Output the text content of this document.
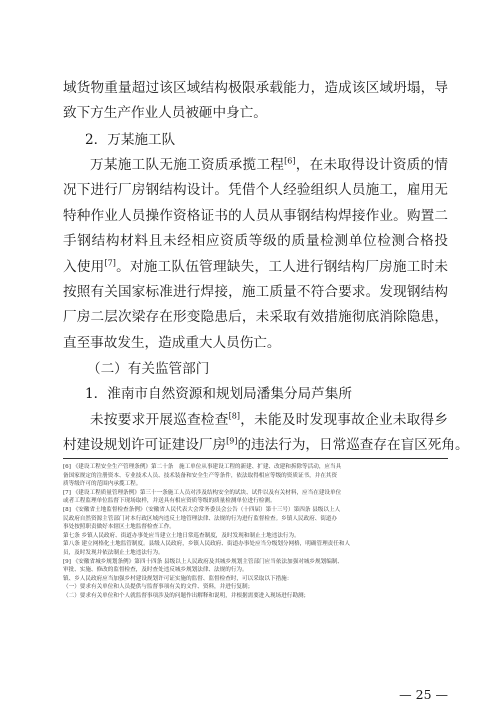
域货物重量超过该区域结构极限承载能力，造成该区域坍塌，导
致下方生产作业人员被砸中身亡。
2．万某施工队
万某施工队无施工资质承揽工程[6]，在未取得设计资质的情
况下进行厂房钢结构设计。凭借个人经验组织人员施工，雇用无
特种作业人员操作资格证书的人员从事钢结构焊接作业。购置二
手钢结构材料且未经相应资质等级的质量检测单位检测合格投
入使用[7]。对施工队伍管理缺失，工人进行钢结构厂房施工时未
按照有关国家标准进行焊接，施工质量不符合要求。发现钢结构
厂房二层次梁存在形变隐患后，未采取有效措施彻底消除隐患，
直至事故发生，造成重大人员伤亡。
（二）有关监管部门
1．淮南市自然资源和规划局潘集分局芦集所
未按要求开展巡查检查[8]，未能及时发现事故企业未取得乡
村建设规划许可证建设厂房[9]的违法行为，日常巡查存在盲区死角。
[6] 《建设工程安全生产管理条例》第二十条　施工单位从事建设工程的新建、扩建、改建和拆除等活动，应当具
备国家规定的注册资本、专业技术人员、技术装备和安全生产等条件，依法取得相应等级的资质证书，并在其资
质等级许可的范围内承揽工程。
[7] 《建设工程质量管理条例》第三十一条施工人员对涉及结构安全的试块、试件以及有关材料，应当在建设单位
或者工程监理单位监督下现场取样，并送具有相应资质等级的质量检测单位进行检测。
[8] 《安徽省土地监督检查条例》（安徽省人民代表大会常务委员会公告（十四届）第十三号）第四条 县级以上人
民政府自然资源主管部门对本行政区域内违反土地管理法律、法规的行为进行监督检查。乡镇人民政府、街道办
事处按照职责做好本辖区土地监督检查工作。
第七条 乡镇人民政府、街道办事处应当建立土地日常巡查制度，及时发现和制止土地违法行为。
第八条 建立网格化土地监管制度。县级人民政府，乡镇人民政府、街道办事处应当分级划分网格，明确管理责任和人
员，及时发现并依法制止土地违法行为。
[9] 《安徽省城乡规划条例》第四十四条 县级以上人民政府及其城乡规划主管部门应当依法加强对城乡规划编制、
审批、实施、修改的监督检查，及时查处违反城乡规划法律、法规的行为。
镇、乡人民政府应当加强乡村建设规划许可证实施的监督、监督检查时，可以采取以下措施：
（一）要求有关单位和人员提供与监督事项有关的文件、资料，并进行复制；
（二）要求有关单位和个人就监督事项涉及的问题作出解释和说明，并根据需要进入现场进行勘测；
— 25 —
